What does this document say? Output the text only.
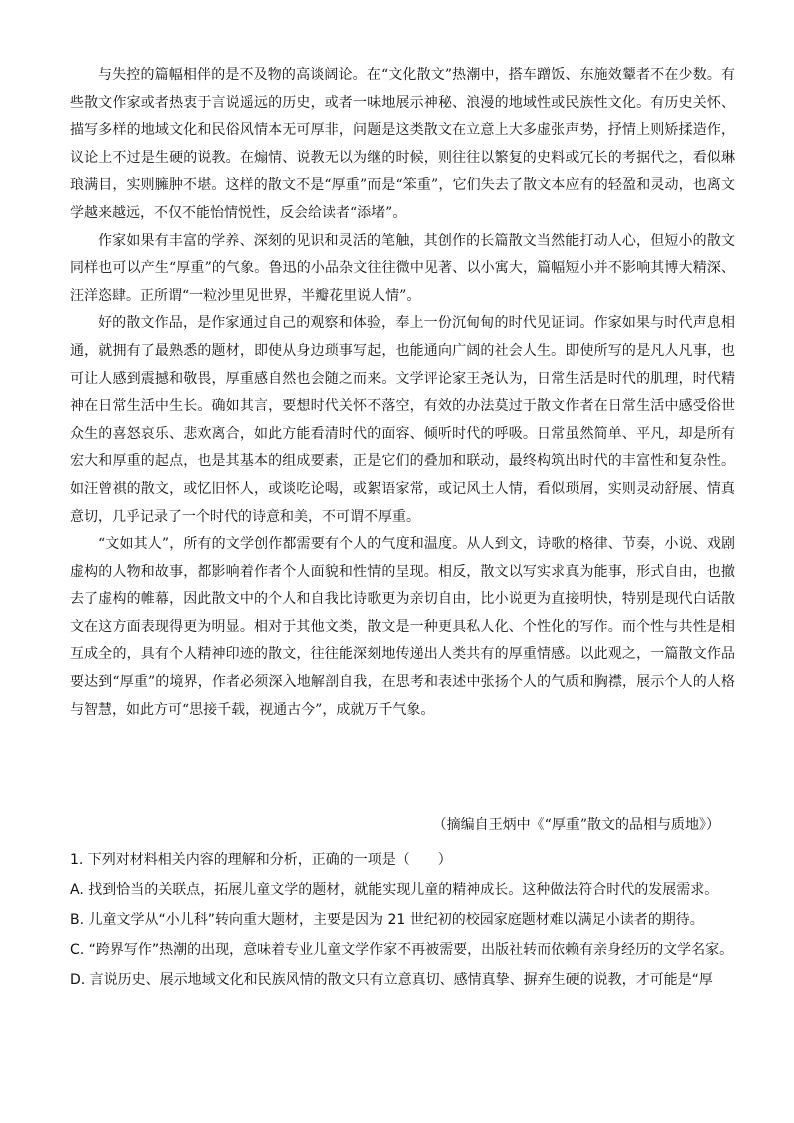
与失控的篇幅相伴的是不及物的高谈阔论。在“文化散文”热潮中，搭车蹭饭、东施效颦者不在少数。有些散文作家或者热衷于言说遥远的历史，或者一味地展示神秘、浪漫的地域性或民族性文化。有历史关怀、描写多样的地域文化和民俗风情本无可厚非，问题是这类散文在立意上大多虚张声势，抒情上则矫揉造作，议论上不过是生硬的说教。在煽情、说教无以为继的时候，则往往以繁复的史料或冗长的考据代之，看似琳琅满目，实则臃肿不堪。这样的散文不是“厚重”而是“笨重”，它们失去了散文本应有的轻盈和灵动，也离文学越来越远，不仅不能怡情悦性，反会给读者“添堵”。

作家如果有丰富的学养、深刻的见识和灵活的笔触，其创作的长篇散文当然能打动人心，但短小的散文同样也可以产生“厚重”的气象。鲁迅的小品杂文往往微中见著、以小寓大，篇幅短小并不影响其博大精深、汪洋恣肆。正所谓“一粒沙里见世界，半瓣花里说人情”。

好的散文作品，是作家通过自己的观察和体验，奉上一份沉甸甸的时代见证词。作家如果与时代声息相通，就拥有了最熟悉的题材，即使从身边琐事写起，也能通向广阔的社会人生。即使所写的是凡人凡事，也可让人感到震撼和敬畏，厚重感自然也会随之而来。文学评论家王尧认为，日常生活是时代的肌理，时代精神在日常生活中生长。确如其言，要想时代关怀不落空，有效的办法莫过于散文作者在日常生活中感受俗世众生的喜怒哀乐、悲欢离合，如此方能看清时代的面容、倾听时代的呼吸。日常虽然简单、平凡，却是所有宏大和厚重的起点，也是其基本的组成要素，正是它们的叠加和联动，最终构筑出时代的丰富性和复杂性。如汪曾祺的散文，或忆旧怀人，或谈吃论喝，或絮语家常，或记风土人情，看似琐屑，实则灵动舒展、情真意切，几乎记录了一个时代的诗意和美，不可谓不厚重。

“文如其人”，所有的文学创作都需要有个人的气度和温度。从人到文，诗歌的格律、节奏，小说、戏剧虚构的人物和故事，都影响着作者个人面貌和性情的呈现。相反，散文以写实求真为能事，形式自由，也撤去了虚构的帷幕，因此散文中的个人和自我比诗歌更为亲切自由，比小说更为直接明快，特别是现代白话散文在这方面表现得更为明显。相对于其他文类，散文是一种更具私人化、个性化的写作。而个性与共性是相互成全的，具有个人精神印迹的散文，往往能深刻地传递出人类共有的厚重情感。以此观之，一篇散文作品要达到“厚重”的境界，作者必须深入地解剖自我，在思考和表述中张扬个人的气质和胸襟，展示个人的人格与智慧，如此方可“思接千载，视通古今”，成就万千气象。

（摘编自王炳中《“厚重”散文的品相与质地》）
1. 下列对材料相关内容的理解和分析，正确的一项是（　　）
A. 找到恰当的关联点，拓展儿童文学的题材，就能实现儿童的精神成长。这种做法符合时代的发展需求。
B. 儿童文学从“小儿科”转向重大题材，主要是因为 21 世纪初的校园家庭题材难以满足小读者的期待。
C. “跨界写作”热潮的出现，意味着专业儿童文学作家不再被需要，出版社转而依赖有亲身经历的文学名家。
D. 言说历史、展示地域文化和民族风情的散文只有立意真切、感情真挚、摒弃生硬的说教，才可能是“厚
